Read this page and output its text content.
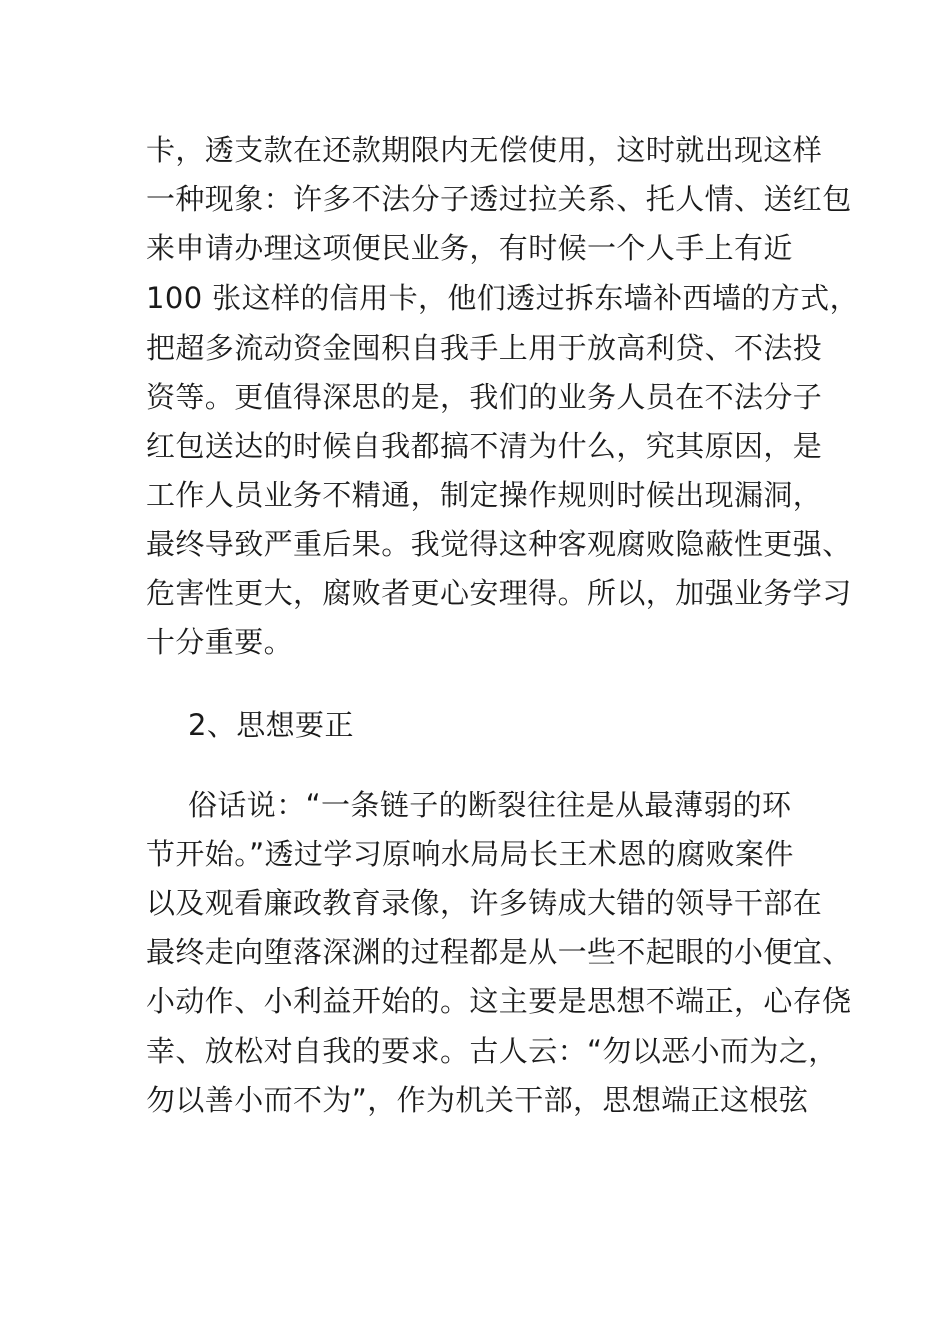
卡，透支款在还款期限内无偿使用，这时就出现这样
一种现象：许多不法分子透过拉关系、托人情、送红包
来申请办理这项便民业务，有时候一个人手上有近
100 张这样的信用卡，他们透过拆东墙补西墙的方式，
把超多流动资金囤积自我手上用于放高利贷、不法投
资等。更值得深思的是，我们的业务人员在不法分子
红包送达的时候自我都搞不清为什么，究其原因，是
工作人员业务不精通，制定操作规则时候出现漏洞，
最终导致严重后果。我觉得这种客观腐败隐蔽性更强、
危害性更大，腐败者更心安理得。所以，加强业务学习
十分重要。
2、思想要正
俗话说：“一条链子的断裂往往是从最薄弱的环
节开始。”透过学习原响水局局长王术恩的腐败案件
以及观看廉政教育录像，许多铸成大错的领导干部在
最终走向堕落深渊的过程都是从一些不起眼的小便宜、
小动作、小利益开始的。这主要是思想不端正，心存侥
幸、放松对自我的要求。古人云：“勿以恶小而为之，
勿以善小而不为”，作为机关干部，思想端正这根弦
